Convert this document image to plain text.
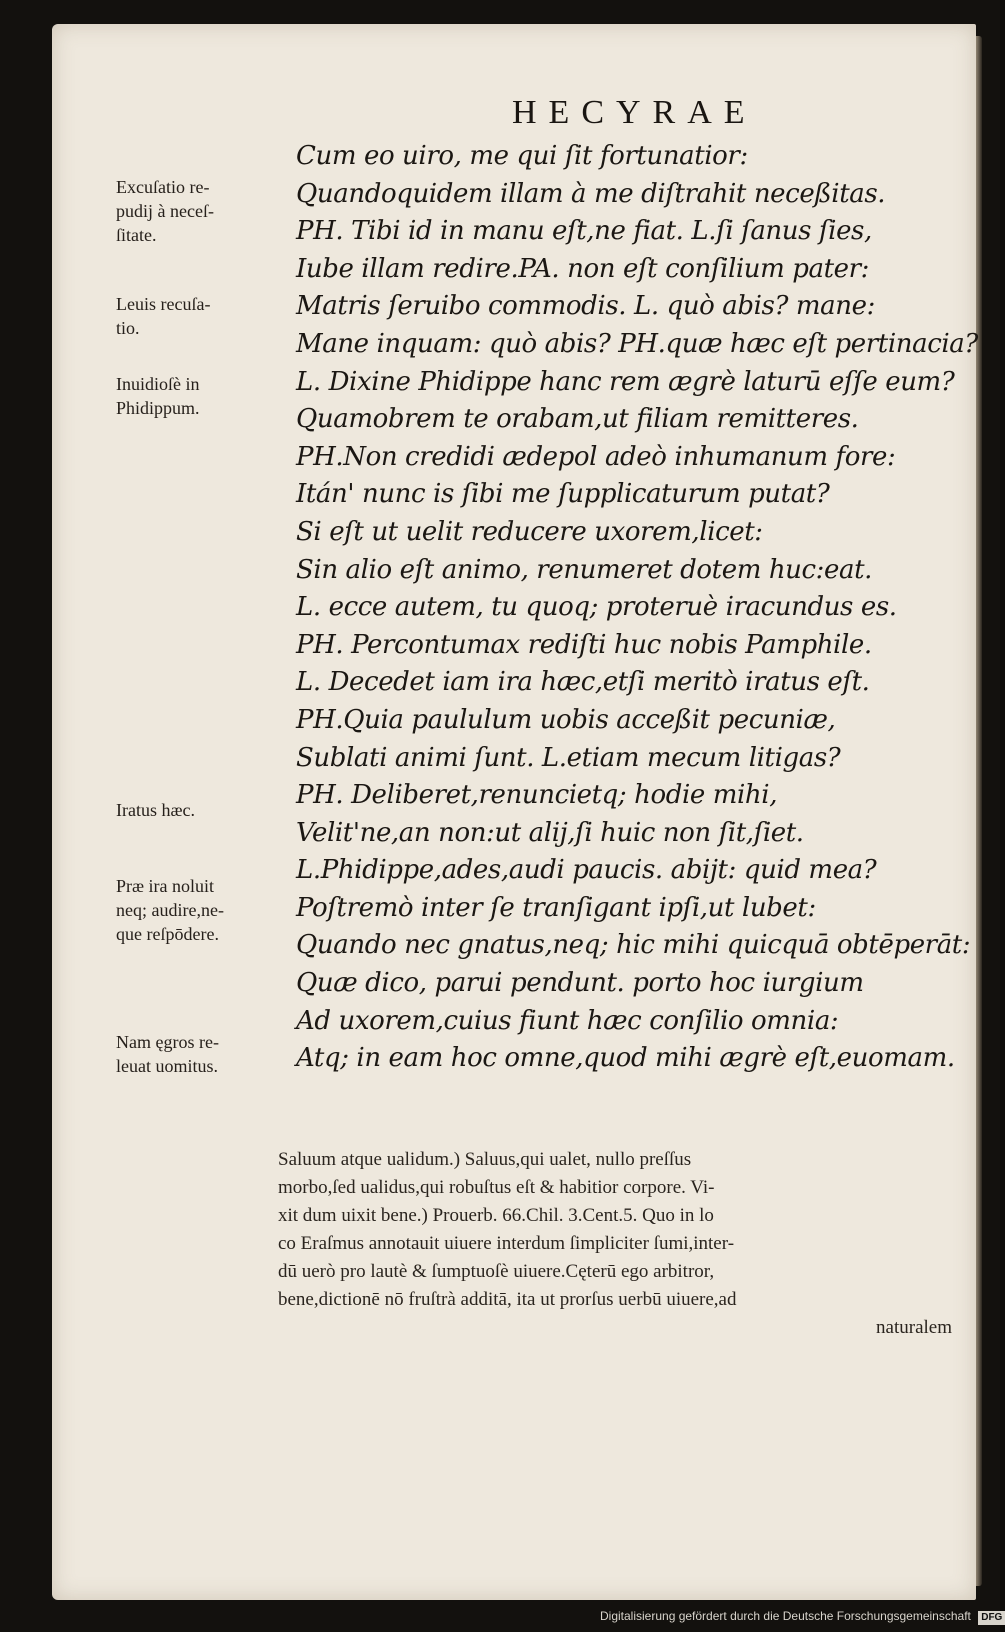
HECYRAE
Cum eo uiro, me qui ſit fortunatior:
Quandoquidem illam à me diſtrahit neceßitas.
PH. Tibi id in manu eſt,ne fiat. L.ſi ſanus ſies,
Iube illam redire.PA. non eſt conſilium pater:
Matris ſeruibo commodis. L. quò abis? mane:
Mane inquam: quò abis? PH.quæ hæc eſt pertinacia?
L. Dixine Phidippe hanc rem ægrè laturū eſſe eum?
Quamobrem te orabam,ut filiam remitteres.
PH.Non credidi ædepol adeò inhumanum fore:
Itán' nunc is ſibi me ſupplicaturum putat?
Si eſt ut uelit reducere uxorem,licet:
Sin alio eſt animo, renumeret dotem huc:eat.
L. ecce autem, tu quoq; proteruè iracundus es.
PH. Percontumax rediſti huc nobis Pamphile.
L. Decedet iam ira hæc,etſi meritò iratus eſt.
PH.Quia paululum uobis acceßit pecuniæ,
Sublati animi ſunt. L.etiam mecum litigas?
PH. Deliberet,renuncietq; hodie mihi,
Velit'ne,an non:ut alij,ſi huic non ſit,ſiet.
L.Phidippe,ades,audi paucis. abijt: quid mea?
Poſtremò inter ſe tranſigant ipſi,ut lubet:
Quando nec gnatus,neq; hic mihi quicquā obtēperāt:
Quæ dico, parui pendunt. porto hoc iurgium
Ad uxorem,cuius fiunt hæc conſilio omnia:
Atq; in eam hoc omne,quod mihi ægrè eſt,euomam.
Excuſatio re-
pudij à neceſ-
ſitate.
Leuis recuſa-
tio.
Inuidioſè in
Phidippum.
Iratus hæc.
Præ ira noluit
neq; audire,ne-
que reſpōdere.
Nam ęgros re-
leuat uomitus.
Saluum atque ualidum.) Saluus,qui ualet, nullo preſſus
morbo,ſed ualidus,qui robuſtus eſt & habitior corpore. Vi-
xit dum uixit bene.) Prouerb. 66.Chil. 3.Cent.5. Quo in lo
co Eraſmus annotauit uiuere interdum ſimpliciter ſumi,inter-
dū uerò pro lautè & ſumptuoſè uiuere.Cęterū ego arbitror,
bene,dictionē nō fruſtrà additā, ita ut prorſus uerbū uiuere,ad
naturalem
Digitalisierung gefördert durch die Deutsche Forschungsgemeinschaft DFG
